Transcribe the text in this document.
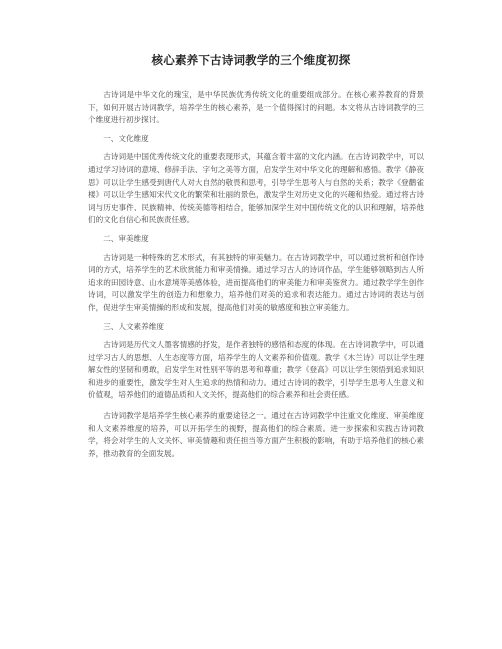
核心素养下古诗词教学的三个维度初探

古诗词是中华文化的瑰宝，是中华民族优秀传统文化的重要组成部分。在核心素养教育的背景下，如何开展古诗词教学，培养学生的核心素养，是一个值得探讨的问题。本文将从古诗词教学的三个维度进行初步探讨。

一、文化维度

古诗词是中国优秀传统文化的重要表现形式，其蕴含着丰富的文化内涵。在古诗词教学中，可以通过学习诗词的意境、修辞手法、字句之美等方面，启发学生对中华文化的理解和感悟。教学《静夜思》可以让学生感受到唐代人对大自然的敬畏和思考，引导学生思考人与自然的关系；教学《登鹳雀楼》可以让学生感知宋代文化的繁荣和壮丽的景色，激发学生对历史文化的兴趣和热爱。通过将古诗词与历史事件、民族精神、传统美德等相结合，能够加深学生对中国传统文化的认识和理解，培养他们的文化自信心和民族责任感。

二、审美维度

古诗词是一种特殊的艺术形式，有其独特的审美魅力。在古诗词教学中，可以通过赏析和创作诗词的方式，培养学生的艺术欣赏能力和审美情操。通过学习古人的诗词作品，学生能够领略到古人所追求的田园诗意、山水意境等美感体验，进而提高他们的审美能力和审美鉴赏力。通过教学学生创作诗词，可以激发学生的创造力和想象力，培养他们对美的追求和表达能力。通过古诗词的表达与创作，促进学生审美情操的形成和发展，提高他们对美的敏感度和独立审美能力。

三、人文素养维度

古诗词是历代文人墨客情感的抒发，是作者独特的感悟和态度的体现。在古诗词教学中，可以通过学习古人的思想、人生态度等方面，培养学生的人文素养和价值观。教学《木兰诗》可以让学生理解女性的坚韧和勇敢，启发学生对性别平等的思考和尊重；教学《登高》可以让学生领悟到追求知识和进步的重要性，激发学生对人生追求的热情和动力。通过古诗词的教学，引导学生思考人生意义和价值观，培养他们的道德品质和人文关怀，提高他们的综合素养和社会责任感。

古诗词教学是培养学生核心素养的重要途径之一。通过在古诗词教学中注重文化维度、审美维度和人文素养维度的培养，可以开拓学生的视野，提高他们的综合素质。进一步探索和实践古诗词教学，将会对学生的人文关怀、审美情趣和责任担当等方面产生积极的影响，有助于培养他们的核心素养，推动教育的全面发展。
